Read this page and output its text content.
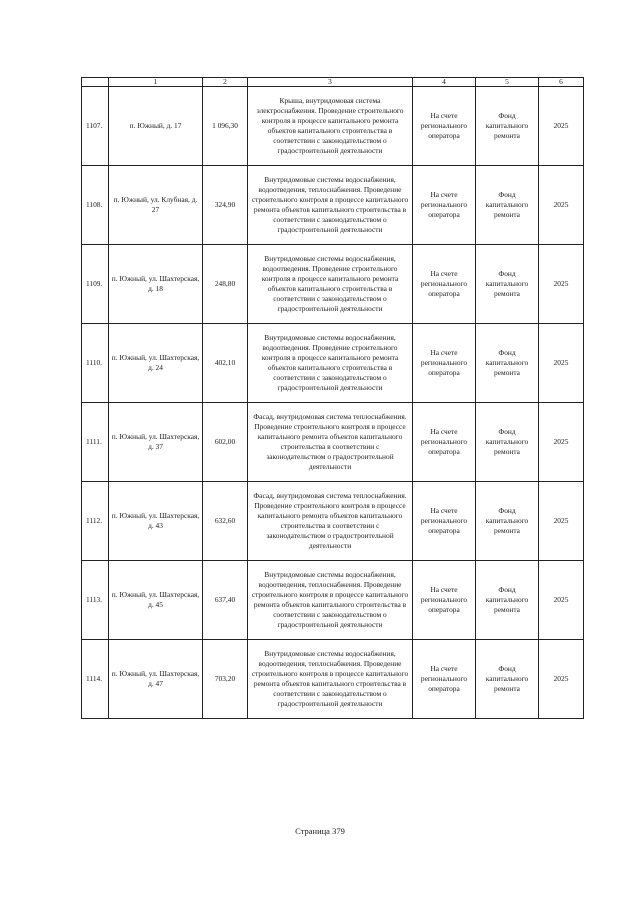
	1	2	3	4	5	6
1107.	п. Южный, д. 17	1 096,30	Крыша, внутридомовая система электроснабжения. Проведение строительного контроля в процессе капитального ремонта объектов капитального строительства в соответствии с законодательством о градостроительной деятельности	На счете регионального оператора	Фонд капитального ремонта	2025
1108.	п. Южный, ул. Клубная, д. 27	324,90	Внутридомовые системы водоснабжения, водоотведения, теплоснабжения. Проведение строительного контроля в процессе капитального ремонта объектов капитального строительства в соответствии с законодательством о градостроительной деятельности	На счете регионального оператора	Фонд капитального ремонта	2025
1109.	п. Южный, ул. Шахтерская, д. 18	248,80	Внутридомовые системы водоснабжения, водоотведения. Проведение строительного контроля в процессе капитального ремонта объектов капитального строительства в соответствии с законодательством о градостроительной деятельности	На счете регионального оператора	Фонд капитального ремонта	2025
1110.	п. Южный, ул. Шахтерская, д. 24	402,10	Внутридомовые системы водоснабжения, водоотведения. Проведение строительного контроля в процессе капитального ремонта объектов капитального строительства в соответствии с законодательством о градостроительной деятельности	На счете регионального оператора	Фонд капитального ремонта	2025
1111.	п. Южный, ул. Шахтерская, д. 37	602,00	Фасад, внутридомовая система теплоснабжения. Проведение строительного контроля в процессе капитального ремонта объектов капитального строительства в соответствии с законодательством о градостроительной деятельности	На счете регионального оператора	Фонд капитального ремонта	2025
1112.	п. Южный, ул. Шахтерская, д. 43	632,60	Фасад, внутридомовая система теплоснабжения. Проведение строительного контроля в процессе капитального ремонта объектов капитального строительства в соответствии с законодательством о градостроительной деятельности	На счете регионального оператора	Фонд капитального ремонта	2025
1113.	п. Южный, ул. Шахтерская, д. 45	637,40	Внутридомовые системы водоснабжения, водоотведения, теплоснабжения. Проведение строительного контроля в процессе капитального ремонта объектов капитального строительства в соответствии с законодательством о градостроительной деятельности	На счете регионального оператора	Фонд капитального ремонта	2025
1114.	п. Южный, ул. Шахтерская, д. 47	703,20	Внутридомовые системы водоснабжения, водоотведения, теплоснабжения. Проведение строительного контроля в процессе капитального ремонта объектов капитального строительства в соответствии с законодательством о градостроительной деятельности	На счете регионального оператора	Фонд капитального ремонта	2025
Страница 379
